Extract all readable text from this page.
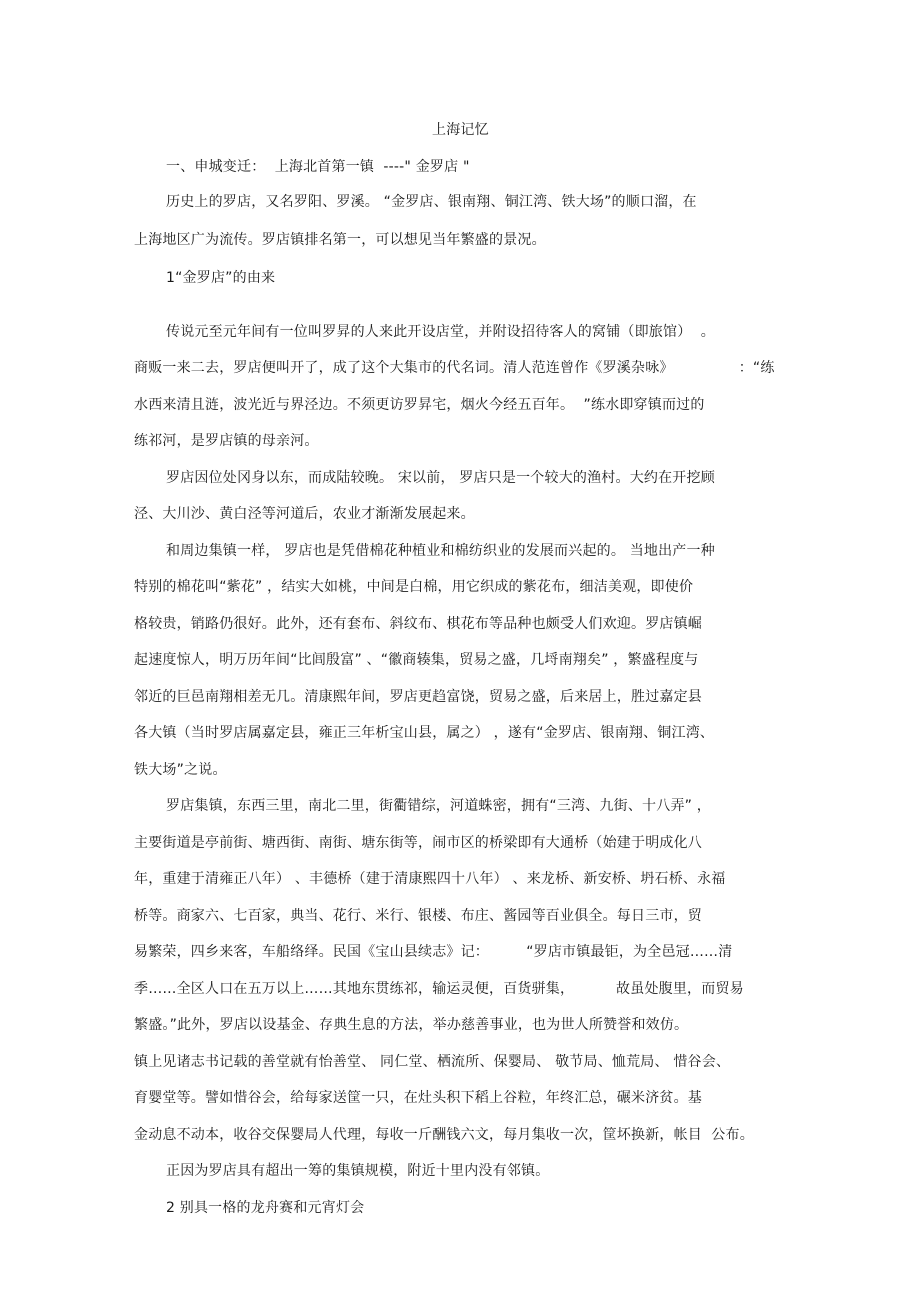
上海记忆
一、申城变迁：  上海北首第一镇  ----" 金罗店 "
历史上的罗店，又名罗阳、罗溪。 “金罗店、银南翔、铜江湾、铁大场”的顺口溜，在
上海地区广为流传。罗店镇排名第一，可以想见当年繁盛的景况。
1“金罗店”的由来
传说元至元年间有一位叫罗昇的人来此开设店堂，并附设招待客人的窝铺（即旅馆）  。
商贩一来二去，罗店便叫开了，成了这个大集市的代名词。清人范连曾作《罗溪杂咏》              ：“练
水西来清且涟，波光近与界泾边。不须更访罗昇宅，烟火今经五百年。  ”练水即穿镇而过的
练祁河，是罗店镇的母亲河。
罗店因位处冈身以东，而成陆较晚。 宋以前， 罗店只是一个较大的渔村。大约在开挖顾
泾、大川沙、黄白泾等河道后，农业才渐渐发展起来。
和周边集镇一样， 罗店也是凭借棉花种植业和棉纺织业的发展而兴起的。 当地出产一种
特别的棉花叫“紫花” ，结实大如桃，中间是白棉，用它织成的紫花布，细洁美观，即使价
格较贵，销路仍很好。此外，还有套布、斜纹布、棋花布等品种也颇受人们欢迎。罗店镇崛
起速度惊人，明万历年间“比闾殷富” 、“徽商辏集，贸易之盛，几埒南翔矣” ，繁盛程度与
邻近的巨邑南翔相差无几。清康熙年间，罗店更趋富饶，贸易之盛，后来居上，胜过嘉定县
各大镇（当时罗店属嘉定县，雍正三年析宝山县，属之） ，遂有“金罗店、银南翔、铜江湾、
铁大场”之说。
罗店集镇，东西三里，南北二里，街衢错综，河道蛛密，拥有“三湾、九街、十八弄” ，
主要街道是亭前街、塘西街、南街、塘东街等，闹市区的桥梁即有大通桥（始建于明成化八
年，重建于清雍正八年） 、丰德桥（建于清康熙四十八年） 、来龙桥、新安桥、坍石桥、永福
桥等。商家六、七百家，典当、花行、米行、银楼、布庄、酱园等百业俱全。每日三市，贸
易繁荣，四乡来客，车船络绎。民国《宝山县续志》记：        “罗店市镇最钜，为全邑冠……清
季……全区人口在五万以上……其地东贯练祁，输运灵便，百货骈集，         故虽处腹里，而贸易
繁盛。”此外，罗店以设基金、存典生息的方法，举办慈善事业，也为世人所赞誉和效仿。
镇上见诸志书记载的善堂就有怡善堂、 同仁堂、栖流所、保婴局、 敬节局、恤荒局、 惜谷会、
育婴堂等。譬如惜谷会，给每家送筐一只，在灶头积下稻上谷粒，年终汇总，碾米济贫。基
金动息不动本，收谷交保婴局人代理，每收一斤酬钱六文，每月集收一次，筐坏换新，帐目  公布。
正因为罗店具有超出一筹的集镇规模，附近十里内没有邻镇。
2 别具一格的龙舟赛和元宵灯会
